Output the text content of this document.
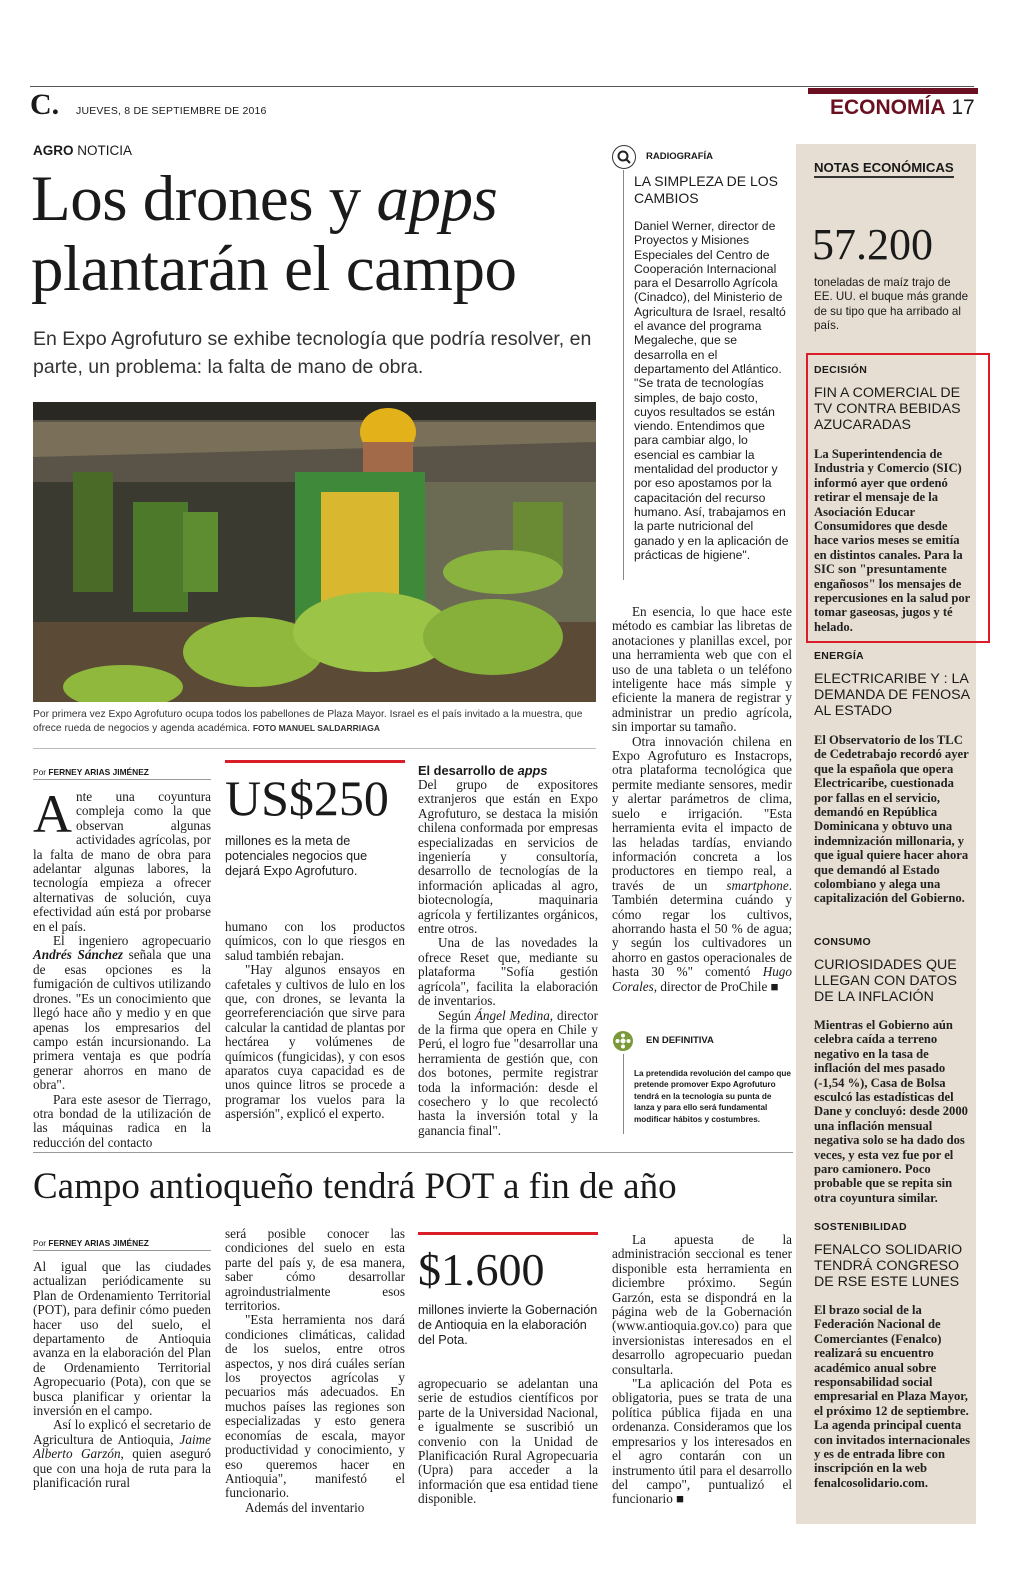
C. JUEVES, 8 DE SEPTIEMBRE DE 2016	ECONOMÍA 17
AGRO NOTICIA
Los drones y apps
plantarán el campo
En Expo Agrofuturo se exhibe tecnología que podría resolver, en parte, un problema: la falta de mano de obra.
Por primera vez Expo Agrofuturo ocupa todos los pabellones de Plaza Mayor. Israel es el país invitado a la muestra, que ofrece rueda de negocios y agenda académica. FOTO MANUEL SALDARRIAGA
Por FERNEY ARIAS JIMÉNEZ

Ante una coyuntura compleja como la que observan algunas actividades agrícolas, por la falta de mano de obra para adelantar algunas labores, la tecnología empieza a ofrecer alternativas de solución, cuya efectividad aún está por probarse en el país.

El ingeniero agropecuario Andrés Sánchez señala que una de esas opciones es la fumigación de cultivos utilizando drones. "Es un conocimiento que llegó hace año y medio y en que apenas los empresarios del campo están incursionando. La primera ventaja es que podría generar ahorros en mano de obra".

Para este asesor de Tierrago, otra bondad de la utilización de las máquinas radica en la reducción del contacto

US$250
millones es la meta de potenciales negocios que dejará Expo Agrofuturo.

humano con los productos químicos, con lo que riesgos en salud también rebajan.

"Hay algunos ensayos en cafetales y cultivos de lulo en los que, con drones, se levanta la georreferenciación que sirve para calcular la cantidad de plantas por hectárea y volúmenes de químicos (fungicidas), y con esos aparatos cuya capacidad es de unos quince litros se procede a programar los vuelos para la aspersión", explicó el experto.

El desarrollo de apps

Del grupo de expositores extranjeros que están en Expo Agrofuturo, se destaca la misión chilena conformada por empresas especializadas en servicios de ingeniería y consultoría, desarrollo de tecnologías de la información aplicadas al agro, biotecnología, maquinaria agrícola y fertilizantes orgánicos, entre otros.

Una de las novedades la ofrece Reset que, mediante su plataforma "Sofía gestión agrícola", facilita la elaboración de inventarios.

Según Ángel Medina, director de la firma que opera en Chile y Perú, el logro fue "desarrollar una herramienta de gestión que, con dos botones, permite registrar toda la información: desde el cosechero y lo que recolectó hasta la inversión total y la ganancia final".

RADIOGRAFÍA
LA SIMPLEZA DE LOS CAMBIOS
Daniel Werner, director de Proyectos y Misiones Especiales del Centro de Cooperación Internacional para el Desarrollo Agrícola (Cinadco), del Ministerio de Agricultura de Israel, resaltó el avance del programa Megaleche, que se desarrolla en el departamento del Atlántico. "Se trata de tecnologías simples, de bajo costo, cuyos resultados se están viendo. Entendimos que para cambiar algo, lo esencial es cambiar la mentalidad del productor y por eso apostamos por la capacitación del recurso humano. Así, trabajamos en la parte nutricional del ganado y en la aplicación de prácticas de higiene".

En esencia, lo que hace este método es cambiar las libretas de anotaciones y planillas excel, por una herramienta web que con el uso de una tableta o un teléfono inteligente hace más simple y eficiente la manera de registrar y administrar un predio agrícola, sin importar su tamaño.

Otra innovación chilena en Expo Agrofuturo es Instacrops, otra plataforma tecnológica que permite mediante sensores, medir y alertar parámetros de clima, suelo e irrigación. "Esta herramienta evita el impacto de las heladas tardías, enviando información concreta a los productores en tiempo real, a través de un smartphone. También determina cuándo y cómo regar los cultivos, ahorrando hasta el 50 % de agua; y según los cultivadores un ahorro en gastos operacionales de hasta 30 %" comentó Hugo Corales, director de ProChile ■

EN DEFINITIVA
La pretendida revolución del campo que pretende promover Expo Agrofuturo tendrá en la tecnología su punta de lanza y para ello será fundamental modificar hábitos y costumbres.
Campo antioqueño tendrá POT a fin de año
Por FERNEY ARIAS JIMÉNEZ

Al igual que las ciudades actualizan periódicamente su Plan de Ordenamiento Territorial (POT), para definir cómo pueden hacer uso del suelo, el departamento de Antioquia avanza en la elaboración del Plan de Ordenamiento Territorial Agropecuario (Pota), con que se busca planificar y orientar la inversión en el campo.

Así lo explicó el secretario de Agricultura de Antioquia, Jaime Alberto Garzón, quien aseguró que con una hoja de ruta para la planificación rural

será posible conocer las condiciones del suelo en esta parte del país y, de esa manera, saber cómo desarrollar agroindustrialmente esos territorios.

"Esta herramienta nos dará condiciones climáticas, calidad de los suelos, entre otros aspectos, y nos dirá cuáles serían los proyectos agrícolas y pecuarios más adecuados. En muchos países las regiones son especializadas y esto genera economías de escala, mayor productividad y conocimiento, y eso queremos hacer en Antioquia", manifestó el funcionario.

Además del inventario

$1.600
millones invierte la Gobernación de Antioquia en la elaboración del Pota.

agropecuario se adelantan una serie de estudios científicos por parte de la Universidad Nacional, e igualmente se suscribió un convenio con la Unidad de Planificación Rural Agropecuaria (Upra) para acceder a la información que esa entidad tiene disponible.

La apuesta de la administración seccional es tener disponible esta herramienta en diciembre próximo. Según Garzón, esta se dispondrá en la página web de la Gobernación (www.antioquia.gov.co) para que inversionistas interesados en el desarrollo agropecuario puedan consultarla.

"La aplicación del Pota es obligatoria, pues se trata de una política pública fijada en una ordenanza. Consideramos que los empresarios y los interesados en el agro contarán con un instrumento útil para el desarrollo del campo", puntualizó el funcionario ■

NOTAS ECONÓMICAS
57.200
toneladas de maíz trajo de EE. UU. el buque más grande de su tipo que ha arribado al país.
DECISIÓN
FIN A COMERCIAL DE TV CONTRA BEBIDAS AZUCARADAS
La Superintendencia de Industria y Comercio (SIC) informó ayer que ordenó retirar el mensaje de la Asociación Educar Consumidores que desde hace varios meses se emitía en distintos canales. Para la SIC son "presuntamente engañosos" los mensajes de repercusiones en la salud por tomar gaseosas, jugos y té helado.
ENERGÍA
ELECTRICARIBE Y : LA DEMANDA DE FENOSA AL ESTADO
El Observatorio de los TLC de Cedetrabajo recordó ayer que la española que opera Electricaribe, cuestionada por fallas en el servicio, demandó en República Dominicana y obtuvo una indemnización millonaria, y que igual quiere hacer ahora que demandó al Estado colombiano y alega una capitalización del Gobierno.
CONSUMO
CURIOSIDADES QUE LLEGAN CON DATOS DE LA INFLACIÓN
Mientras el Gobierno aún celebra caída a terreno negativo en la tasa de inflación del mes pasado (-1,54 %), Casa de Bolsa esculcó las estadísticas del Dane y concluyó: desde 2000 una inflación mensual negativa solo se ha dado dos veces, y esta vez fue por el paro camionero. Poco probable que se repita sin otra coyuntura similar.
SOSTENIBILIDAD
FENALCO SOLIDARIO TENDRÁ CONGRESO DE RSE ESTE LUNES
El brazo social de la Federación Nacional de Comerciantes (Fenalco) realizará su encuentro académico anual sobre responsabilidad social empresarial en Plaza Mayor, el próximo 12 de septiembre. La agenda principal cuenta con invitados internacionales y es de entrada libre con inscripción en la web fenalcosolidario.com.
